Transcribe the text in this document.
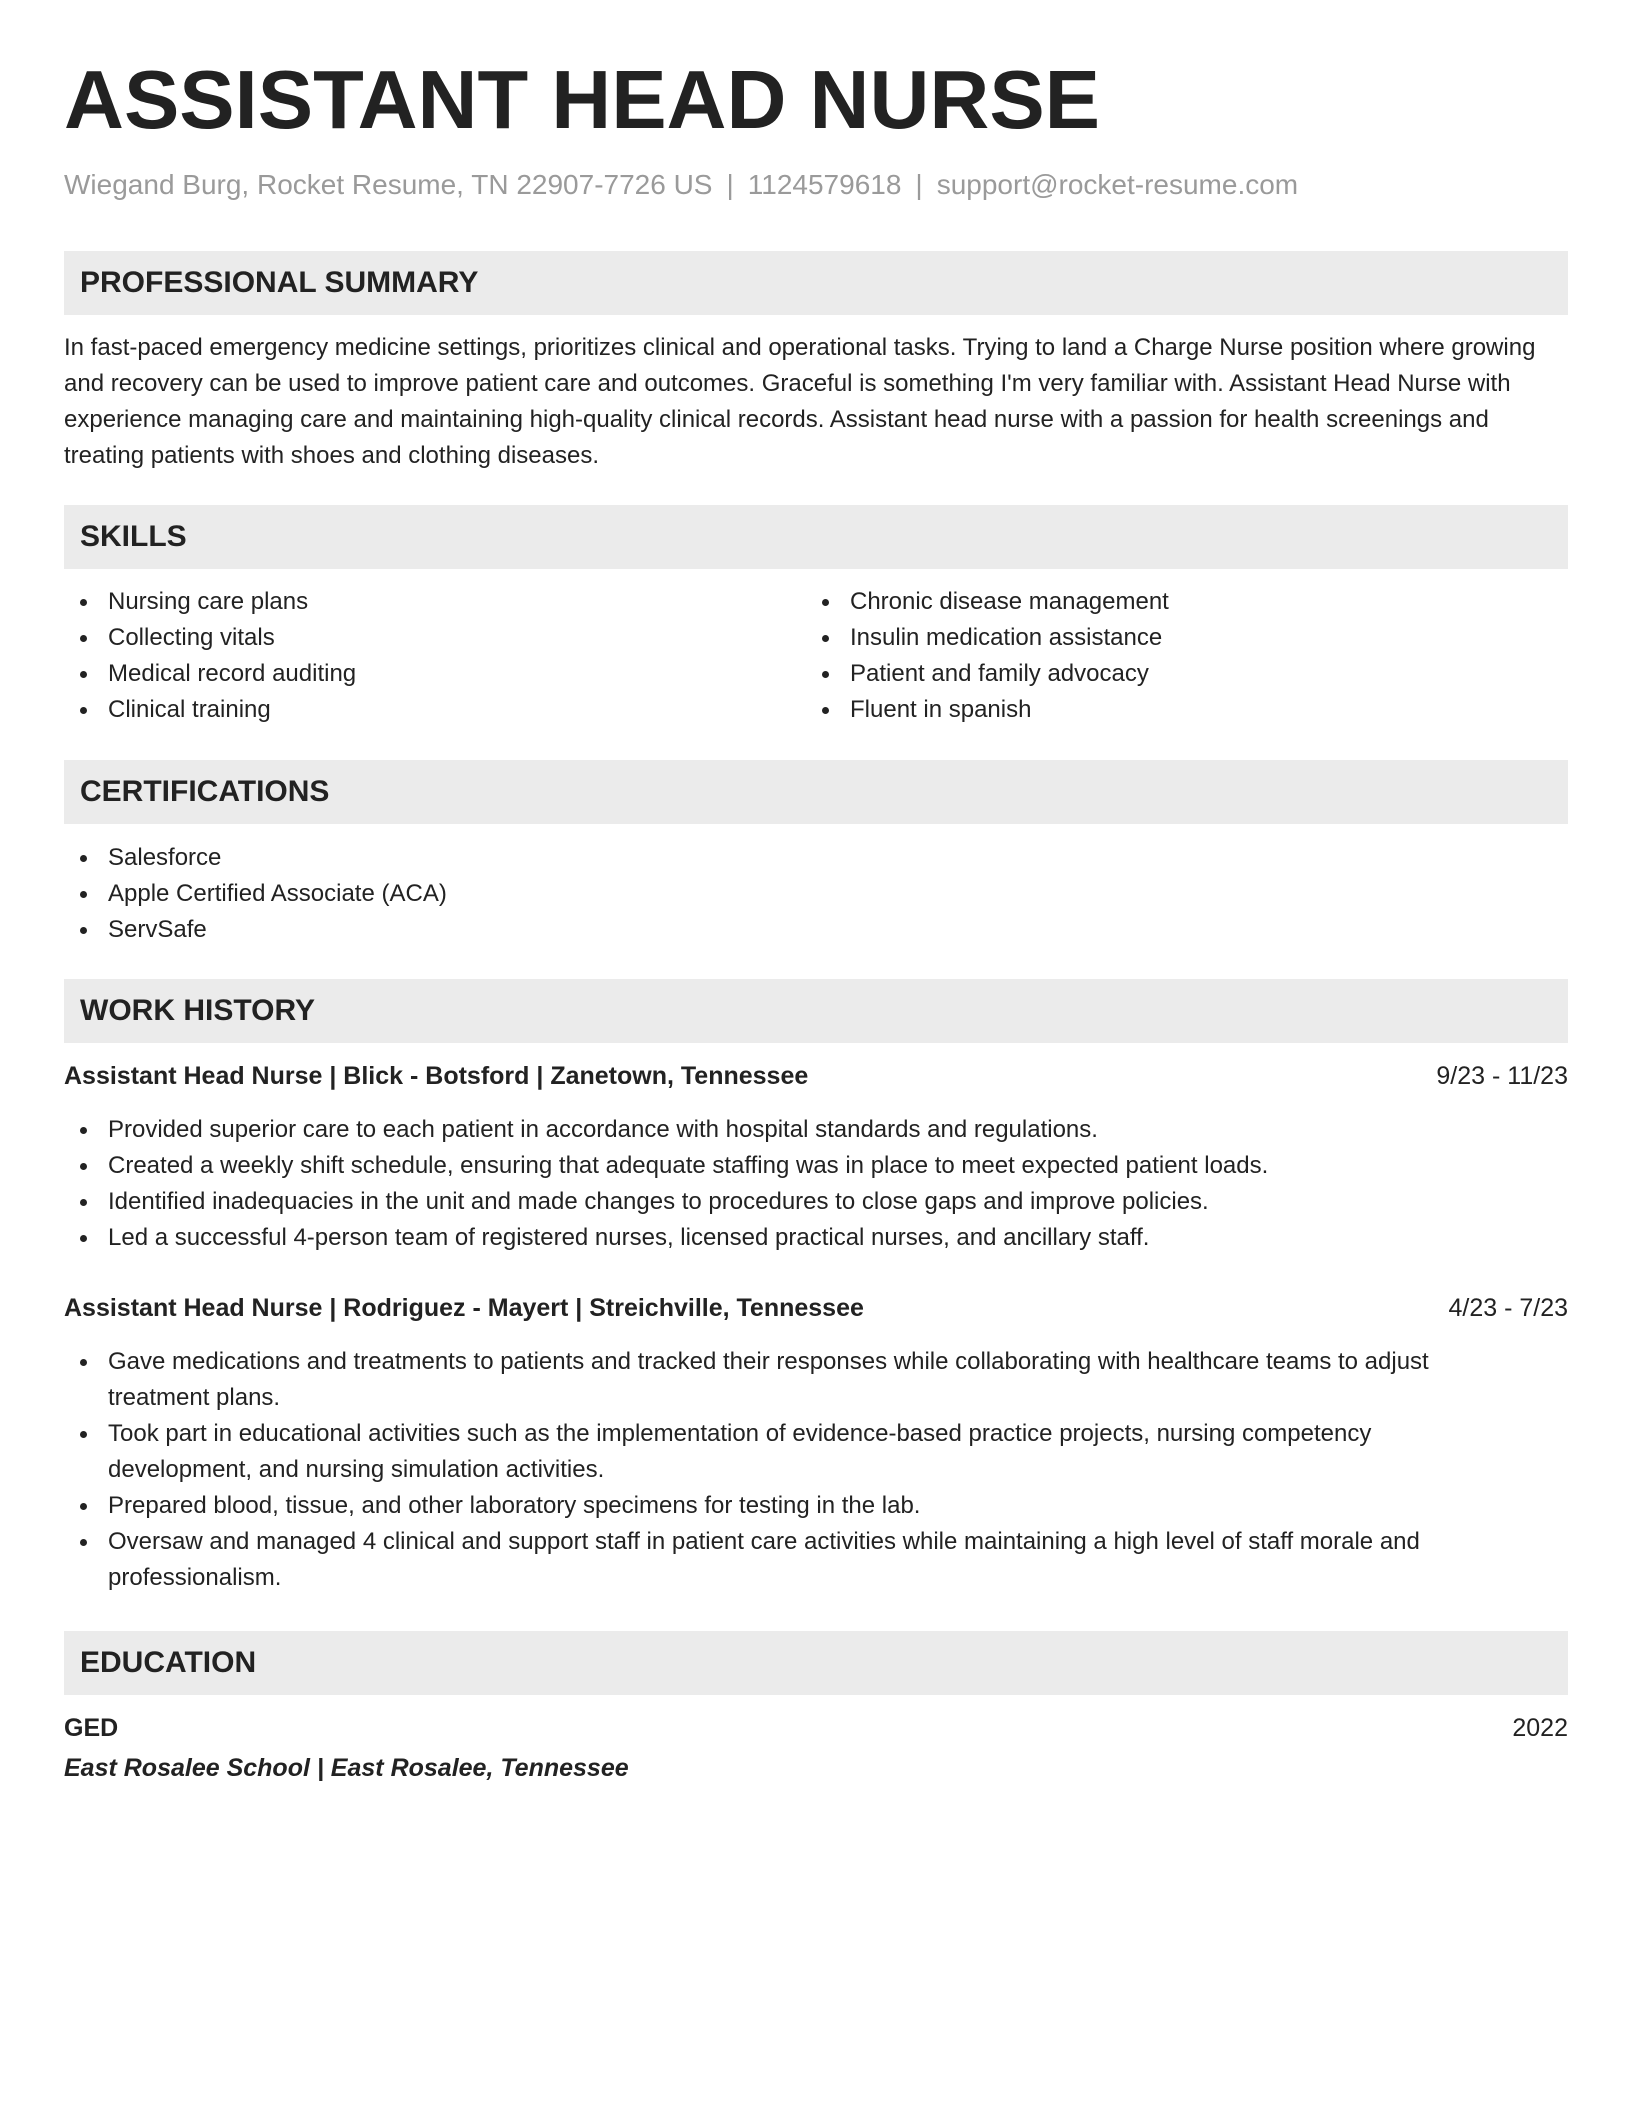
ASSISTANT HEAD NURSE
Wiegand Burg, Rocket Resume, TN 22907-7726 US | 1124579618 | support@rocket-resume.com
PROFESSIONAL SUMMARY

In fast-paced emergency medicine settings, prioritizes clinical and operational tasks. Trying to land a Charge Nurse position where growing and recovery can be used to improve patient care and outcomes. Graceful is something I'm very familiar with. Assistant Head Nurse with experience managing care and maintaining high-quality clinical records. Assistant head nurse with a passion for health screenings and treating patients with shoes and clothing diseases.

SKILLS
Nursing care plans
Collecting vitals
Medical record auditing
Clinical training
Chronic disease management
Insulin medication assistance
Patient and family advocacy
Fluent in spanish
CERTIFICATIONS
Salesforce
Apple Certified Associate (ACA)
ServSafe
WORK HISTORY
Assistant Head Nurse | Blick - Botsford | Zanetown, Tennessee	9/23 - 11/23
Provided superior care to each patient in accordance with hospital standards and regulations.
Created a weekly shift schedule, ensuring that adequate staffing was in place to meet expected patient loads.
Identified inadequacies in the unit and made changes to procedures to close gaps and improve policies.
Led a successful 4-person team of registered nurses, licensed practical nurses, and ancillary staff.
Assistant Head Nurse | Rodriguez - Mayert | Streichville, Tennessee	4/23 - 7/23
Gave medications and treatments to patients and tracked their responses while collaborating with healthcare teams to adjust treatment plans.
Took part in educational activities such as the implementation of evidence-based practice projects, nursing competency development, and nursing simulation activities.
Prepared blood, tissue, and other laboratory specimens for testing in the lab.
Oversaw and managed 4 clinical and support staff in patient care activities while maintaining a high level of staff morale and professionalism.
EDUCATION
GED	2022
East Rosalee School | East Rosalee, Tennessee
